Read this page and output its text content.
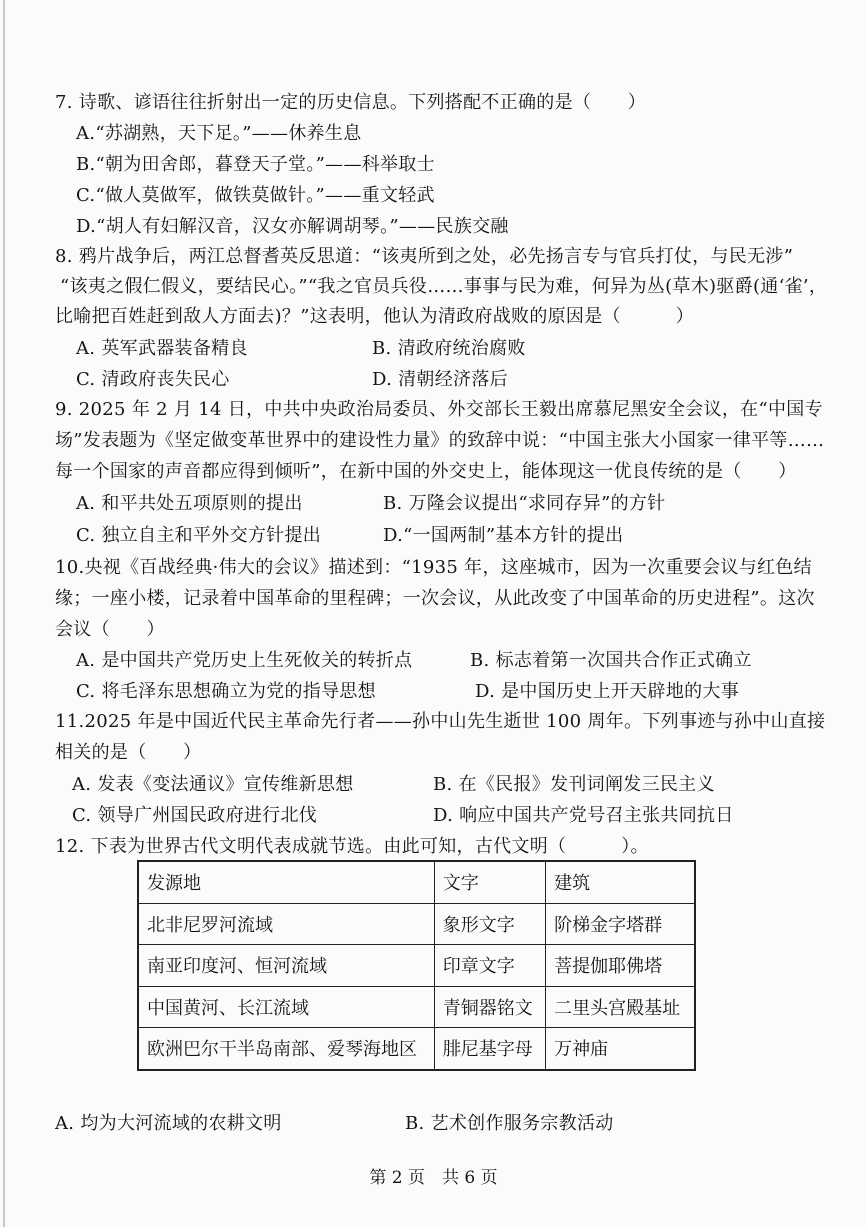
7. 诗歌、谚语往往折射出一定的历史信息。下列搭配不正确的是（　　）
A.“苏湖熟，天下足。”——休养生息
B.“朝为田舍郎，暮登天子堂。”——科举取士
C.“做人莫做军，做铁莫做针。”——重文轻武
D.“胡人有妇解汉音，汉女亦解调胡琴。”——民族交融
8. 鸦片战争后，两江总督耆英反思道：“该夷所到之处，必先扬言专与官兵打仗，与民无涉”
“该夷之假仁假义，要结民心。”“我之官员兵役……事事与民为难，何异为丛(草木)驱爵(通‘雀’，
比喻把百姓赶到敌人方面去)？”这表明，他认为清政府战败的原因是（　　　）
A. 英军武器装备精良	B. 清政府统治腐败
C. 清政府丧失民心	D. 清朝经济落后
9. 2025 年 2 月 14 日，中共中央政治局委员、外交部长王毅出席慕尼黑安全会议，在“中国专
场”发表题为《坚定做变革世界中的建设性力量》的致辞中说：“中国主张大小国家一律平等……
每一个国家的声音都应得到倾听”，在新中国的外交史上，能体现这一优良传统的是（　　）
A. 和平共处五项原则的提出	B. 万隆会议提出“求同存异”的方针
C. 独立自主和平外交方针提出	D.“一国两制”基本方针的提出
10.央视《百战经典·伟大的会议》描述到：“1935 年，这座城市，因为一次重要会议与红色结
缘；一座小楼，记录着中国革命的里程碑；一次会议，从此改变了中国革命的历史进程”。这次
会议（　　）
A. 是中国共产党历史上生死攸关的转折点	B. 标志着第一次国共合作正式确立
C. 将毛泽东思想确立为党的指导思想	D. 是中国历史上开天辟地的大事
11.2025 年是中国近代民主革命先行者——孙中山先生逝世 100 周年。下列事迹与孙中山直接
相关的是（　　）
A. 发表《变法通议》宣传维新思想	B. 在《民报》发刊词阐发三民主义
C. 领导广州国民政府进行北伐	D. 响应中国共产党号召主张共同抗日
12. 下表为世界古代文明代表成就节选。由此可知，古代文明（　　　）。
发源地	文字	建筑
北非尼罗河流域	象形文字	阶梯金字塔群
南亚印度河、恒河流域	印章文字	菩提伽耶佛塔
中国黄河、长江流域	青铜器铭文	二里头宫殿基址
欧洲巴尔干半岛南部、爱琴海地区	腓尼基字母	万神庙
A. 均为大河流域的农耕文明	B. 艺术创作服务宗教活动
第 2 页　共 6 页
